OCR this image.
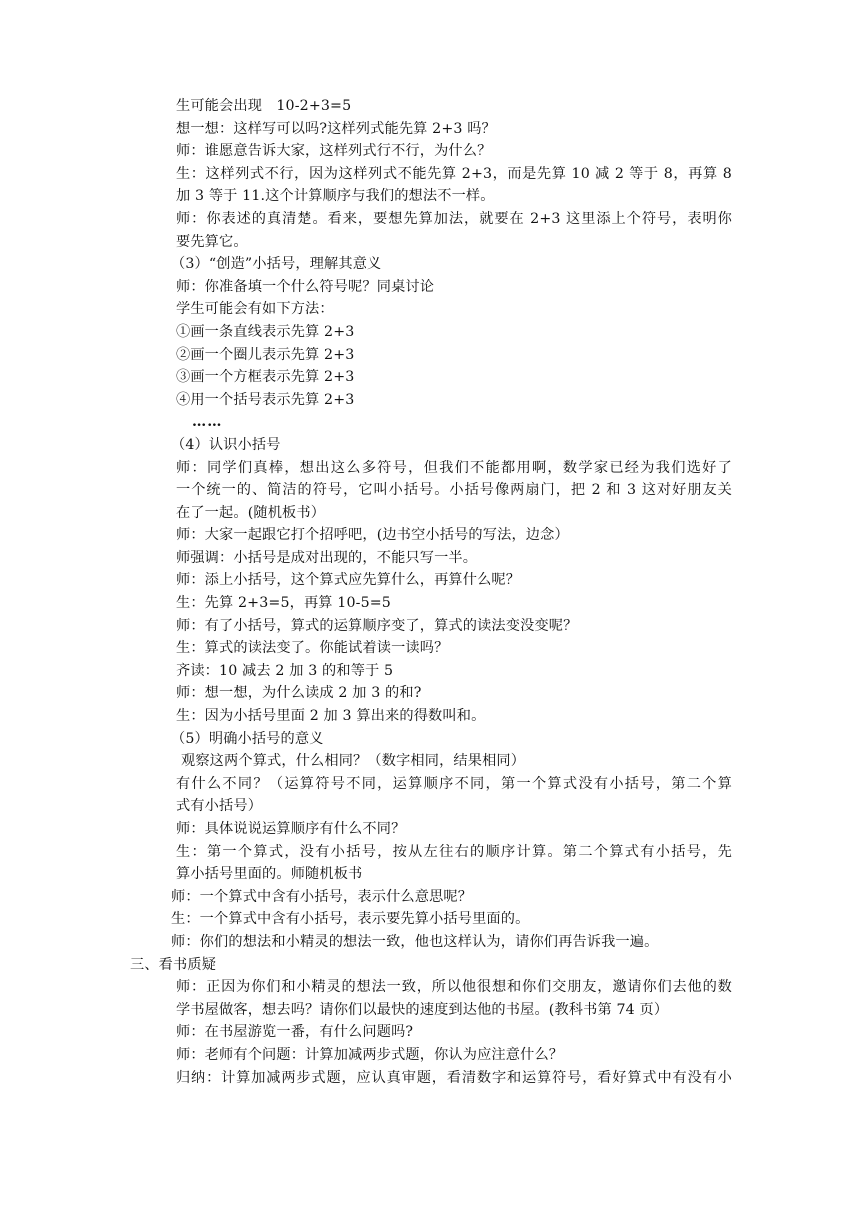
生可能会出现　10-2+3=5
想一想：这样写可以吗?这样列式能先算 2+3 吗？
师：谁愿意告诉大家，这样列式行不行，为什么？
生：这样列式不行，因为这样列式不能先算 2+3，而是先算 10 减 2 等于 8，再算 8
加 3 等于 11.这个计算顺序与我们的想法不一样。
师：你表述的真清楚。看来，要想先算加法，就要在 2+3 这里添上个符号，表明你
要先算它。
（3）“创造”小括号，理解其意义
师：你准备填一个什么符号呢？同桌讨论
学生可能会有如下方法：
①画一条直线表示先算 2+3
②画一个圈儿表示先算 2+3
③画一个方框表示先算 2+3
④用一个括号表示先算 2+3
……
（4）认识小括号
师：同学们真棒，想出这么多符号，但我们不能都用啊，数学家已经为我们选好了
一个统一的、简洁的符号，它叫小括号。小括号像两扇门，把 2 和 3 这对好朋友关
在了一起。(随机板书）
师：大家一起跟它打个招呼吧，(边书空小括号的写法，边念）
师强调：小括号是成对出现的，不能只写一半。
师：添上小括号，这个算式应先算什么，再算什么呢？
生：先算 2+3=5，再算 10-5=5
师：有了小括号，算式的运算顺序变了，算式的读法变没变呢？
生：算式的读法变了。你能试着读一读吗？
齐读：10 减去 2 加 3 的和等于 5
师：想一想，为什么读成 2 加 3 的和?
生：因为小括号里面 2 加 3 算出来的得数叫和。
（5）明确小括号的意义
观察这两个算式，什么相同？（数字相同，结果相同）
有什么不同？（运算符号不同，运算顺序不同，第一个算式没有小括号，第二个算
式有小括号）
师：具体说说运算顺序有什么不同？
生：第一个算式，没有小括号，按从左往右的顺序计算。第二个算式有小括号，先
算小括号里面的。师随机板书
师：一个算式中含有小括号，表示什么意思呢？
生：一个算式中含有小括号，表示要先算小括号里面的。
师：你们的想法和小精灵的想法一致，他也这样认为，请你们再告诉我一遍。
三、看书质疑
师：正因为你们和小精灵的想法一致，所以他很想和你们交朋友，邀请你们去他的数
学书屋做客，想去吗？请你们以最快的速度到达他的书屋。(教科书第 74 页）
师：在书屋游览一番，有什么问题吗?
师：老师有个问题：计算加减两步式题，你认为应注意什么？
归纳：计算加减两步式题，应认真审题，看清数字和运算符号，看好算式中有没有小
